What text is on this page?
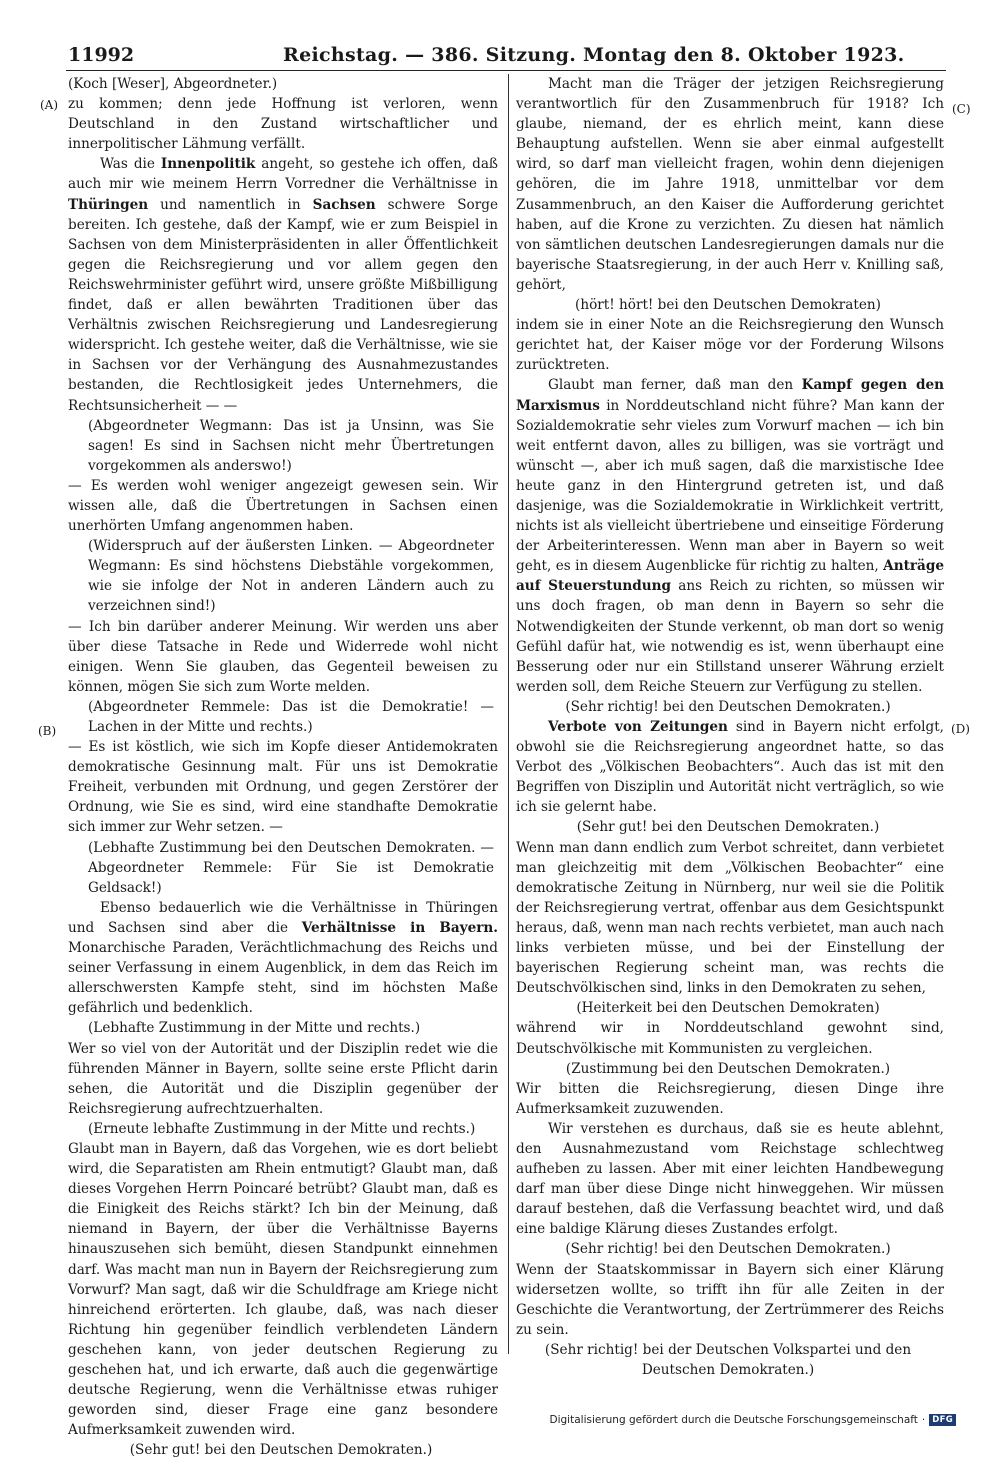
11992	Reichstag. — 386. Sitzung. Montag den 8. Oktober 1923.
(A)
(B)
(C)
(D)

(Koch [Weser], Abgeordneter.)

zu kommen; denn jede Hoffnung ist verloren, wenn Deutschland in den Zustand wirtschaftlicher und innerpolitischer Lähmung verfällt.

Was die Innenpolitik angeht, so gestehe ich offen, daß auch mir wie meinem Herrn Vorredner die Verhältnisse in Thüringen und namentlich in Sachsen schwere Sorge bereiten. Ich gestehe, daß der Kampf, wie er zum Beispiel in Sachsen von dem Ministerpräsidenten in aller Öffentlichkeit gegen die Reichsregierung und vor allem gegen den Reichswehrminister geführt wird, unsere größte Mißbilligung findet, daß er allen bewährten Traditionen über das Verhältnis zwischen Reichsregierung und Landesregierung widerspricht. Ich gestehe weiter, daß die Verhältnisse, wie sie in Sachsen vor der Verhängung des Ausnahmezustandes bestanden, die Rechtlosigkeit jedes Unternehmers, die Rechtsunsicherheit — —

(Abgeordneter Wegmann: Das ist ja Unsinn, was Sie sagen! Es sind in Sachsen nicht mehr Übertretungen vorgekommen als anderswo!)

— Es werden wohl weniger angezeigt gewesen sein. Wir wissen alle, daß die Übertretungen in Sachsen einen unerhörten Umfang angenommen haben.

(Widerspruch auf der äußersten Linken. — Abgeordneter Wegmann: Es sind höchstens Diebstähle vorgekommen, wie sie infolge der Not in anderen Ländern auch zu verzeichnen sind!)

— Ich bin darüber anderer Meinung. Wir werden uns aber über diese Tatsache in Rede und Widerrede wohl nicht einigen. Wenn Sie glauben, das Gegenteil beweisen zu können, mögen Sie sich zum Worte melden.

(Abgeordneter Remmele: Das ist die Demokratie! — Lachen in der Mitte und rechts.)

— Es ist köstlich, wie sich im Kopfe dieser Antidemokraten demokratische Gesinnung malt. Für uns ist Demokratie Freiheit, verbunden mit Ordnung, und gegen Zerstörer der Ordnung, wie Sie es sind, wird eine standhafte Demokratie sich immer zur Wehr setzen. —

(Lebhafte Zustimmung bei den Deutschen Demokraten. — Abgeordneter Remmele: Für Sie ist Demokratie Geldsack!)

Ebenso bedauerlich wie die Verhältnisse in Thüringen und Sachsen sind aber die Verhältnisse in Bayern. Monarchische Paraden, Verächtlichmachung des Reichs und seiner Verfassung in einem Augenblick, in dem das Reich im allerschwersten Kampfe steht, sind im höchsten Maße gefährlich und bedenklich.

(Lebhafte Zustimmung in der Mitte und rechts.)

Wer so viel von der Autorität und der Disziplin redet wie die führenden Männer in Bayern, sollte seine erste Pflicht darin sehen, die Autorität und die Disziplin gegenüber der Reichsregierung aufrechtzuerhalten.

(Erneute lebhafte Zustimmung in der Mitte und rechts.)

Glaubt man in Bayern, daß das Vorgehen, wie es dort beliebt wird, die Separatisten am Rhein entmutigt? Glaubt man, daß dieses Vorgehen Herrn Poincaré betrübt? Glaubt man, daß es die Einigkeit des Reichs stärkt? Ich bin der Meinung, daß niemand in Bayern, der über die Verhältnisse Bayerns hinauszusehen sich bemüht, diesen Standpunkt einnehmen darf. Was macht man nun in Bayern der Reichsregierung zum Vorwurf? Man sagt, daß wir die Schuldfrage am Kriege nicht hinreichend erörterten. Ich glaube, daß, was nach dieser Richtung hin gegenüber feindlich verblendeten Ländern geschehen kann, von jeder deutschen Regierung zu geschehen hat, und ich erwarte, daß auch die gegenwärtige deutsche Regierung, wenn die Verhältnisse etwas ruhiger geworden sind, dieser Frage eine ganz besondere Aufmerksamkeit zuwenden wird.

(Sehr gut! bei den Deutschen Demokraten.)

Macht man die Träger der jetzigen Reichsregierung verantwortlich für den Zusammenbruch für 1918? Ich glaube, niemand, der es ehrlich meint, kann diese Behauptung aufstellen. Wenn sie aber einmal aufgestellt wird, so darf man vielleicht fragen, wohin denn diejenigen gehören, die im Jahre 1918, unmittelbar vor dem Zusammenbruch, an den Kaiser die Aufforderung gerichtet haben, auf die Krone zu verzichten. Zu diesen hat nämlich von sämtlichen deutschen Landesregierungen damals nur die bayerische Staatsregierung, in der auch Herr v. Knilling saß, gehört,

(hört! hört! bei den Deutschen Demokraten)

indem sie in einer Note an die Reichsregierung den Wunsch gerichtet hat, der Kaiser möge vor der Forderung Wilsons zurücktreten.

Glaubt man ferner, daß man den Kampf gegen den Marxismus in Norddeutschland nicht führe? Man kann der Sozialdemokratie sehr vieles zum Vorwurf machen — ich bin weit entfernt davon, alles zu billigen, was sie vorträgt und wünscht —, aber ich muß sagen, daß die marxistische Idee heute ganz in den Hintergrund getreten ist, und daß dasjenige, was die Sozialdemokratie in Wirklichkeit vertritt, nichts ist als vielleicht übertriebene und einseitige Förderung der Arbeiterinteressen. Wenn man aber in Bayern so weit geht, es in diesem Augenblicke für richtig zu halten, Anträge auf Steuerstundung ans Reich zu richten, so müssen wir uns doch fragen, ob man denn in Bayern so sehr die Notwendigkeiten der Stunde verkennt, ob man dort so wenig Gefühl dafür hat, wie notwendig es ist, wenn überhaupt eine Besserung oder nur ein Stillstand unserer Währung erzielt werden soll, dem Reiche Steuern zur Verfügung zu stellen.

(Sehr richtig! bei den Deutschen Demokraten.)

Verbote von Zeitungen sind in Bayern nicht erfolgt, obwohl sie die Reichsregierung angeordnet hatte, so das Verbot des „Völkischen Beobachters“. Auch das ist mit den Begriffen von Disziplin und Autorität nicht verträglich, so wie ich sie gelernt habe.

(Sehr gut! bei den Deutschen Demokraten.)

Wenn man dann endlich zum Verbot schreitet, dann verbietet man gleichzeitig mit dem „Völkischen Beobachter“ eine demokratische Zeitung in Nürnberg, nur weil sie die Politik der Reichsregierung vertrat, offenbar aus dem Gesichtspunkt heraus, daß, wenn man nach rechts verbietet, man auch nach links verbieten müsse, und bei der Einstellung der bayerischen Regierung scheint man, was rechts die Deutschvölkischen sind, links in den Demokraten zu sehen,

(Heiterkeit bei den Deutschen Demokraten)

während wir in Norddeutschland gewohnt sind, Deutschvölkische mit Kommunisten zu vergleichen.

(Zustimmung bei den Deutschen Demokraten.)

Wir bitten die Reichsregierung, diesen Dinge ihre Aufmerksamkeit zuzuwenden.

Wir verstehen es durchaus, daß sie es heute ablehnt, den Ausnahmezustand vom Reichstage schlechtweg aufheben zu lassen. Aber mit einer leichten Handbewegung darf man über diese Dinge nicht hinweggehen. Wir müssen darauf bestehen, daß die Verfassung beachtet wird, und daß eine baldige Klärung dieses Zustandes erfolgt.

(Sehr richtig! bei den Deutschen Demokraten.)

Wenn der Staatskommissar in Bayern sich einer Klärung widersetzen wollte, so trifft ihn für alle Zeiten in der Geschichte die Verantwortung, der Zertrümmerer des Reichs zu sein.

(Sehr richtig! bei der Deutschen Volkspartei und den Deutschen Demokraten.)

Digitalisierung gefördert durch die Deutsche Forschungsgemeinschaft · DFG
